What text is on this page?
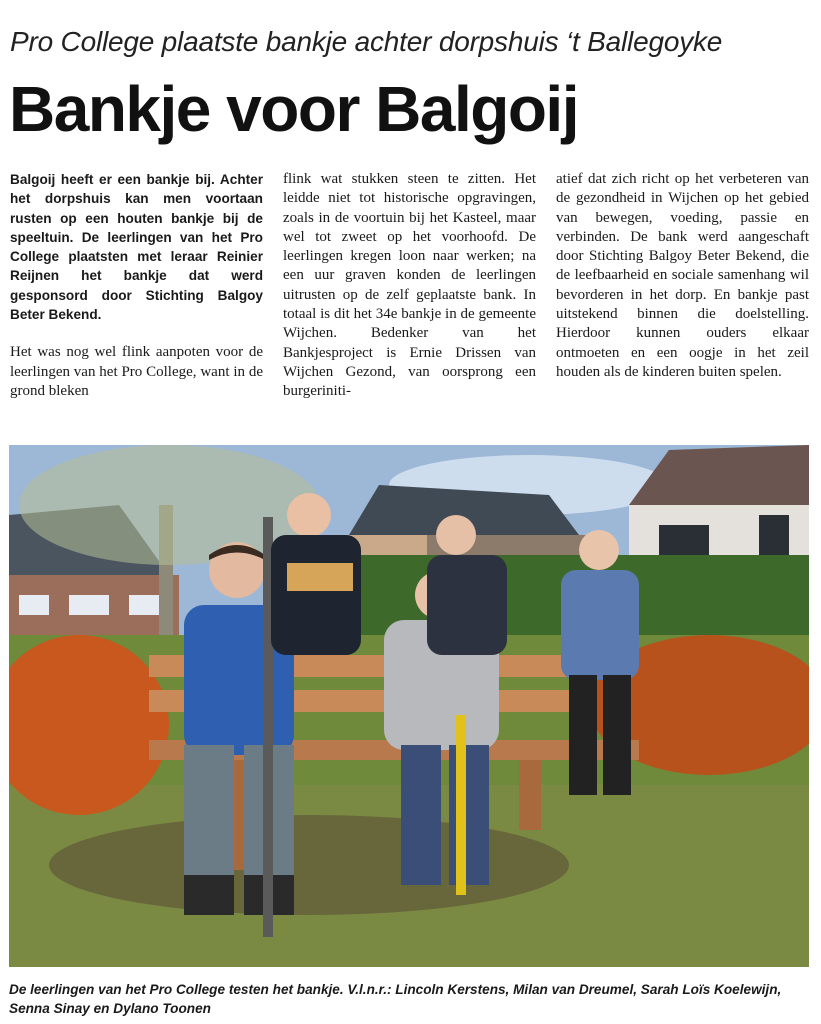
Pro College plaatste bankje achter dorpshuis ‘t Ballegoyke
Bankje voor Balgoij

Balgoij heeft er een bankje bij. Achter het dorpshuis kan men voortaan rusten op een houten bankje bij de speeltuin. De leerlingen van het Pro College plaatsten met leraar Reinier Reijnen het bankje dat werd gesponsord door Stichting Balgoy Beter Bekend.

Het was nog wel flink aanpoten voor de leerlingen van het Pro College, want in de grond bleken

flink wat stukken steen te zitten. Het leidde niet tot historische opgravingen, zoals in de voortuin bij het Kasteel, maar wel tot zweet op het voorhoofd. De leerlingen kregen loon naar werken; na een uur graven konden de leerlingen uitrusten op de zelf geplaatste bank. In totaal is dit het 34e bankje in de gemeente Wijchen. Bedenker van het Bankjesproject is Ernie Drissen van Wijchen Gezond, van oorsprong een burgeriniti-

atief dat zich richt op het verbeteren van de gezondheid in Wijchen op het gebied van bewegen, voeding, passie en verbinden. De bank werd aangeschaft door Stichting Balgoy Beter Bekend, die de leefbaarheid en sociale samenhang wil bevorderen in het dorp. En bankje past uitstekend binnen die doelstelling. Hierdoor kunnen ouders elkaar ontmoeten en een oogje in het zeil houden als de kinderen buiten spelen.

De leerlingen van het Pro College testen het bankje. V.l.n.r.: Lincoln Kerstens, Milan van Dreumel, Sarah Loïs Koelewijn, Senna Sinay en Dylano Toonen
